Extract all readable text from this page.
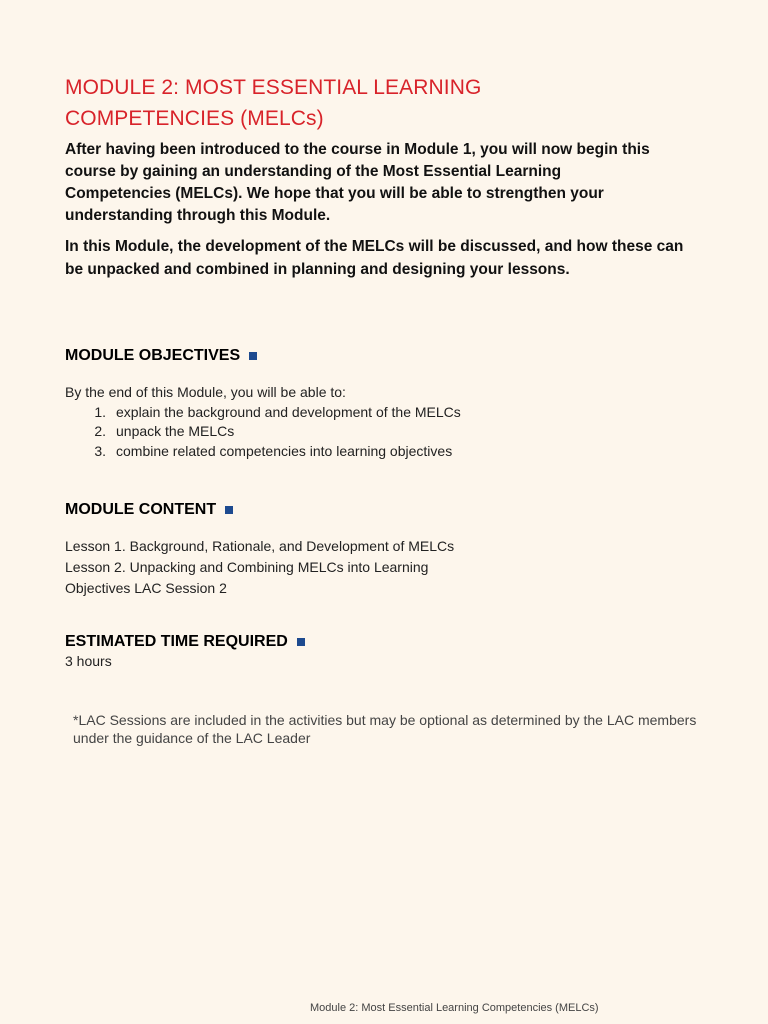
MODULE 2: MOST ESSENTIAL LEARNING
COMPETENCIES (MELCs)

After having been introduced to the course in Module 1, you will now begin this course by gaining an understanding of the Most Essential Learning Competencies (MELCs). We hope that you will be able to strengthen your understanding through this Module.

In this Module, the development of the MELCs will be discussed, and how these can be unpacked and combined in planning and designing your lessons.

MODULE OBJECTIVES

By the end of this Module, you will be able to:

1. explain the background and development of the MELCs
2. unpack the MELCs
3. combine related competencies into learning objectives
MODULE CONTENT

Lesson 1. Background, Rationale, and Development of MELCs

Lesson 2. Unpacking and Combining MELCs into Learning

Objectives LAC Session 2

ESTIMATED TIME REQUIRED

3 hours

*LAC Sessions are included in the activities but may be optional as determined by the LAC members under the guidance of the LAC Leader

Module 2: Most Essential Learning Competencies (MELCs)
